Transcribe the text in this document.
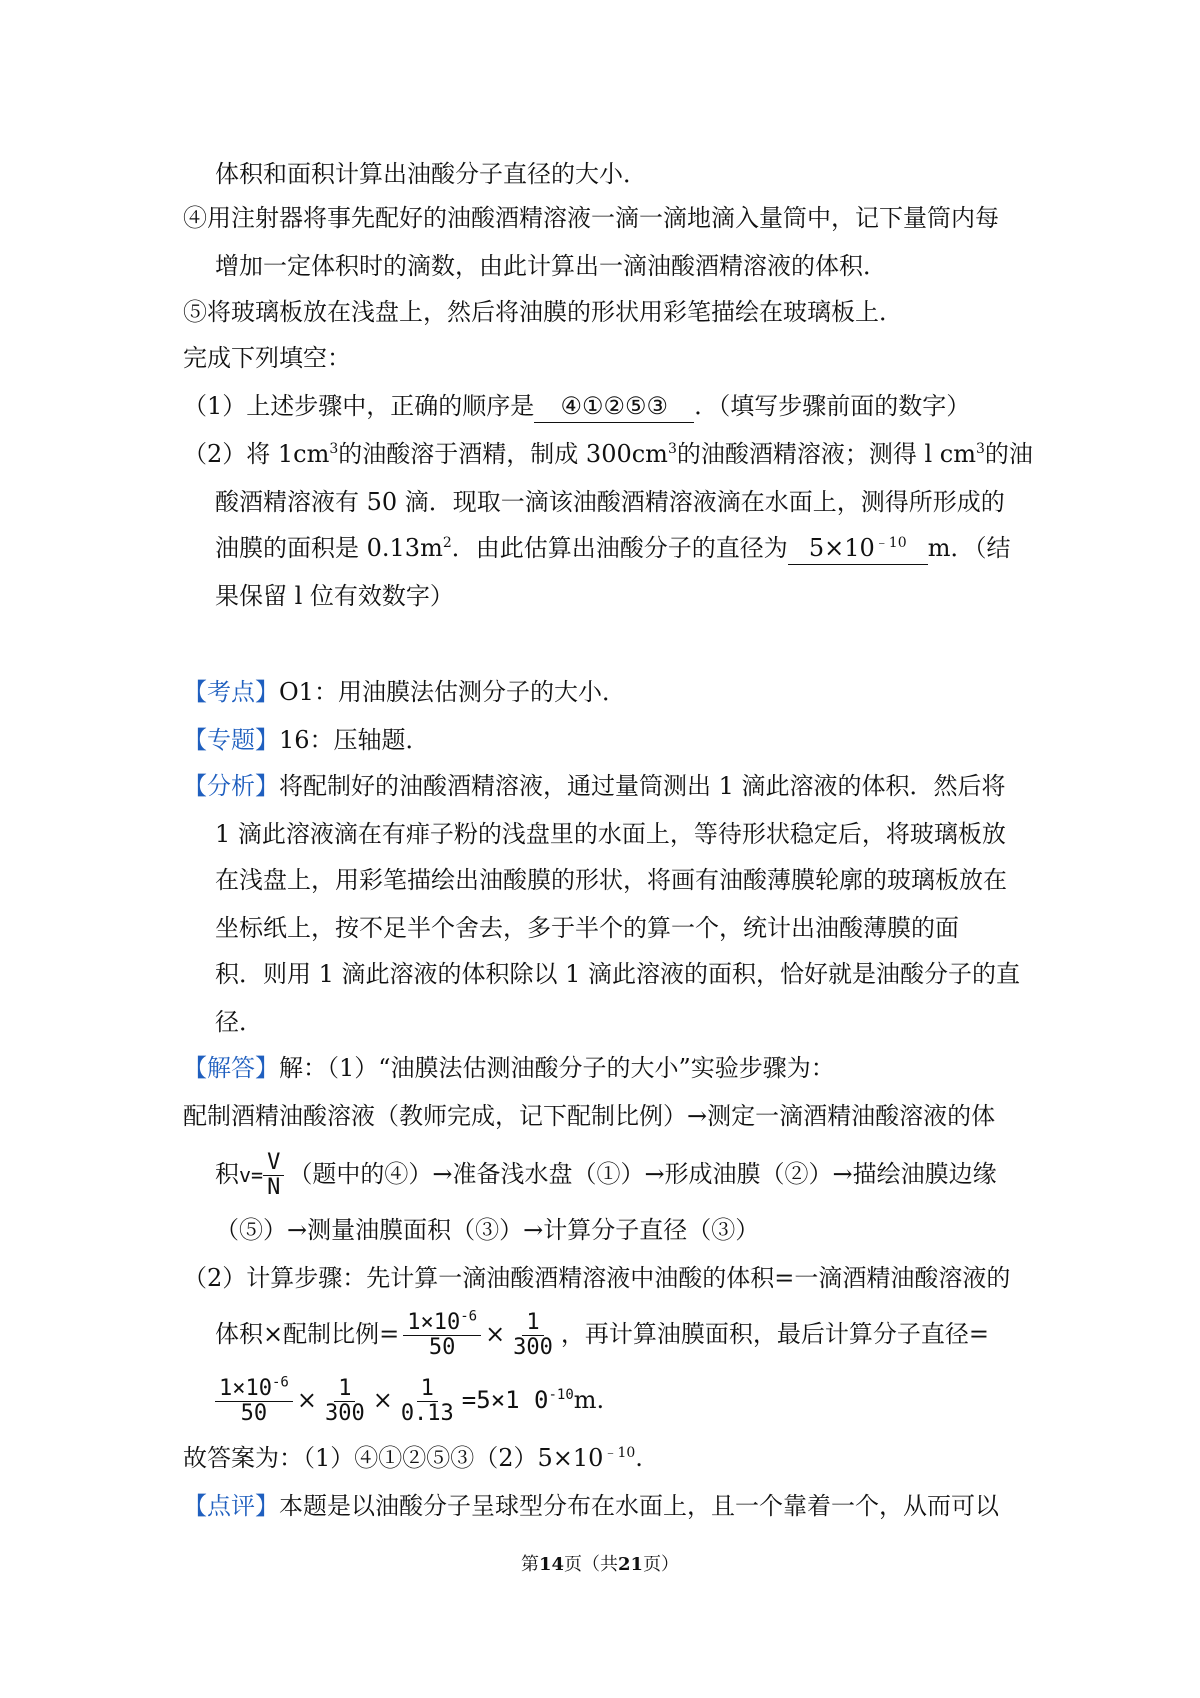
体积和面积计算出油酸分子直径的大小．
④用注射器将事先配好的油酸酒精溶液一滴一滴地滴入量筒中，记下量筒内每
增加一定体积时的滴数，由此计算出一滴油酸酒精溶液的体积．
⑤将玻璃板放在浅盘上，然后将油膜的形状用彩笔描绘在玻璃板上．
完成下列填空：
（1）上述步骤中，正确的顺序是 ④①②⑤③ ．（填写步骤前面的数字）
（2）将 $1cm^3$的油酸溶于酒精，制成 $300cm^3$的油酸酒精溶液；测得 l $cm^3$的油
酸酒精溶液有 50 滴．现取一滴该油酸酒精溶液滴在水面上，测得所形成的
油膜的面积是 $0.13m^2$．由此估算出油酸分子的直径为 $5\times 10^{﹣10}$ m．（结
果保留 l 位有效数字）
【考点】O1：用油膜法估测分子的大小．
【专题】16：压轴题．
【分析】将配制好的油酸酒精溶液，通过量筒测出 1 滴此溶液的体积．然后将
1 滴此溶液滴在有痱子粉的浅盘里的水面上，等待形状稳定后，将玻璃板放
在浅盘上，用彩笔描绘出油酸膜的形状，将画有油酸薄膜轮廓的玻璃板放在
坐标纸上，按不足半个舍去，多于半个的算一个，统计出油酸薄膜的面
积．则用 1 滴此溶液的体积除以 1 滴此溶液的面积，恰好就是油酸分子的直
径．
【解答】解：（1）“油膜法估测油酸分子的大小”实验步骤为：
配制酒精油酸溶液（教师完成，记下配制比例）→测定一滴酒精油酸溶液的体
积$v= \frac{V}{N}$ （题中的④）→准备浅水盘（①）→形成油膜（②）→描绘油膜边缘
（⑤）→测量油膜面积（③）→计算分子直径（③）
（2）计算步骤：先计算一滴油酸酒精溶液中油酸的体积=一滴酒精油酸溶液的
体积×配制比例= $\frac{1\times 10^{-6}}{50} \times \frac{1}{300}$ ，再计算油膜面积，最后计算分子直径=
$\frac{1\times 10^{-6}}{50} \times \frac{1}{300} \times \frac{1}{0.13} =5\times 1$ $0^{-10}m$.
故答案为：$(1)④①②⑤③(2)5\times 10^{﹣10}$.
【点评】本题是以油酸分子呈球型分布在水面上，且一个靠着一个，从而可以
第14页（共21页）
